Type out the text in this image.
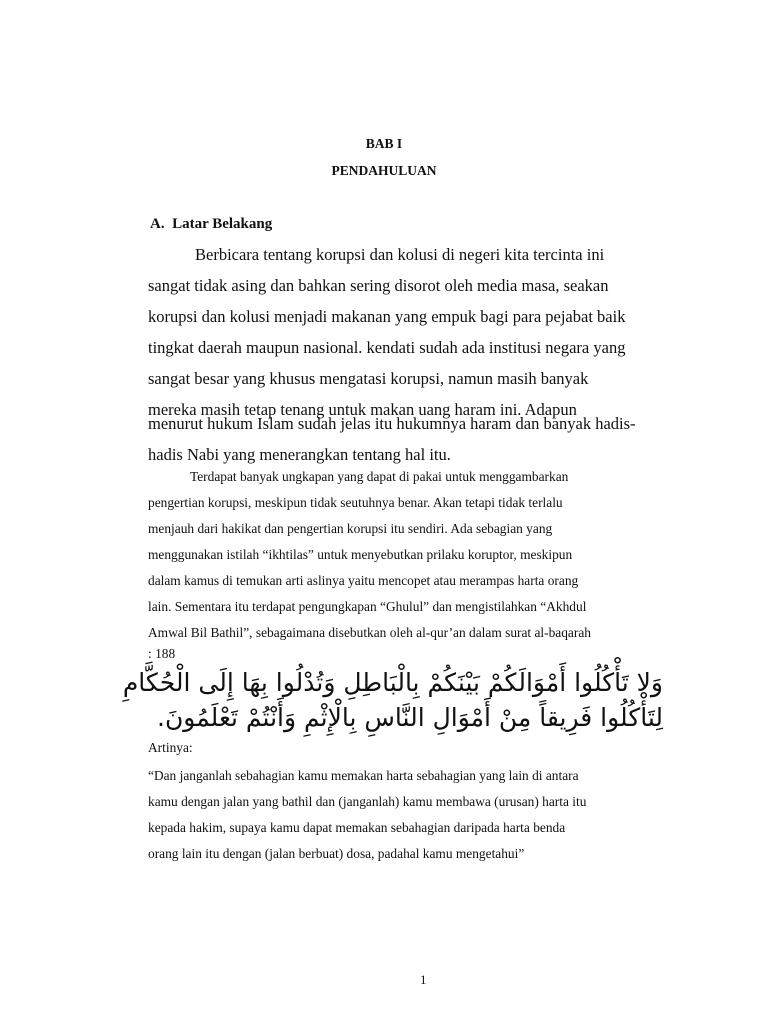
BAB I
PENDAHULUAN
A.  Latar Belakang
Berbicara tentang korupsi dan kolusi di negeri kita tercinta ini
sangat tidak asing dan bahkan sering disorot oleh media masa, seakan
korupsi dan kolusi menjadi makanan yang empuk bagi para pejabat baik
tingkat daerah maupun nasional. kendati sudah ada institusi negara yang
sangat besar yang khusus mengatasi korupsi, namun masih banyak
mereka masih tetap tenang untuk makan uang haram ini. Adapun
menurut hukum Islam sudah jelas itu hukumnya haram dan banyak hadis-
hadis Nabi yang menerangkan tentang hal itu.
Terdapat banyak ungkapan yang dapat di pakai untuk menggambarkan
pengertian korupsi, meskipun tidak seutuhnya benar. Akan tetapi tidak terlalu
menjauh dari hakikat dan pengertian korupsi itu sendiri. Ada sebagian yang
menggunakan istilah “ikhtilas” untuk menyebutkan prilaku koruptor, meskipun
dalam kamus di temukan arti aslinya yaitu mencopet atau merampas harta orang
lain. Sementara itu terdapat pengungkapan “Ghulul” dan mengistilahkan “Akhdul
Amwal Bil Bathil”, sebagaimana disebutkan oleh al-qur’an dalam surat al-baqarah
: 188
وَلا تَأْكُلُوا أَمْوَالَكُمْ بَيْنَكُمْ بِالْبَاطِلِ وَتُدْلُوا بِهَا إِلَى الْحُكَّامِ
لِتَأْكُلُوا فَرِيقاً مِنْ أَمْوَالِ النَّاسِ بِالْإِثْمِ وَأَنْتُمْ تَعْلَمُونَ.
Artinya:
“Dan janganlah sebahagian kamu memakan harta sebahagian yang lain di antara
kamu dengan jalan yang bathil dan (janganlah) kamu membawa (urusan) harta itu
kepada hakim, supaya kamu dapat memakan sebahagian daripada harta benda
orang lain itu dengan (jalan berbuat) dosa, padahal kamu mengetahui”
1
